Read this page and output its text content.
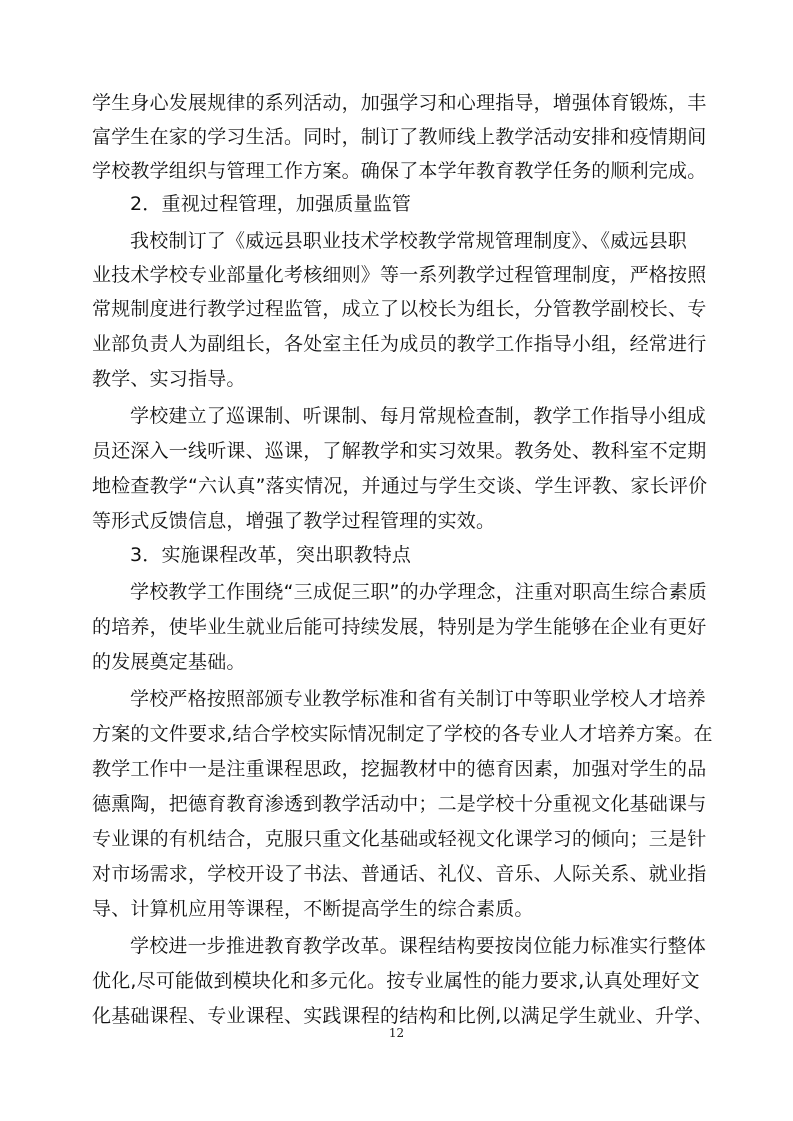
学生身心发展规律的系列活动，加强学习和心理指导，增强体育锻炼，丰
富学生在家的学习生活。同时，制订了教师线上教学活动安排和疫情期间
学校教学组织与管理工作方案。确保了本学年教育教学任务的顺利完成。
2．重视过程管理，加强质量监管
我校制订了《威远县职业技术学校教学常规管理制度》、《威远县职
业技术学校专业部量化考核细则》等一系列教学过程管理制度，严格按照
常规制度进行教学过程监管，成立了以校长为组长，分管教学副校长、专
业部负责人为副组长，各处室主任为成员的教学工作指导小组，经常进行
教学、实习指导。
学校建立了巡课制、听课制、每月常规检查制，教学工作指导小组成
员还深入一线听课、巡课，了解教学和实习效果。教务处、教科室不定期
地检查教学“六认真”落实情况，并通过与学生交谈、学生评教、家长评价
等形式反馈信息，增强了教学过程管理的实效。
3．实施课程改革，突出职教特点
学校教学工作围绕“三成促三职”的办学理念，注重对职高生综合素质
的培养，使毕业生就业后能可持续发展，特别是为学生能够在企业有更好
的发展奠定基础。
学校严格按照部颁专业教学标准和省有关制订中等职业学校人才培养
方案的文件要求,结合学校实际情况制定了学校的各专业人才培养方案。在
教学工作中一是注重课程思政，挖掘教材中的德育因素，加强对学生的品
德熏陶，把德育教育渗透到教学活动中；二是学校十分重视文化基础课与
专业课的有机结合，克服只重文化基础或轻视文化课学习的倾向；三是针
对市场需求，学校开设了书法、普通话、礼仪、音乐、人际关系、就业指
导、计算机应用等课程，不断提高学生的综合素质。
学校进一步推进教育教学改革。课程结构要按岗位能力标准实行整体
优化,尽可能做到模块化和多元化。按专业属性的能力要求,认真处理好文
化基础课程、专业课程、实践课程的结构和比例,以满足学生就业、升学、
12
